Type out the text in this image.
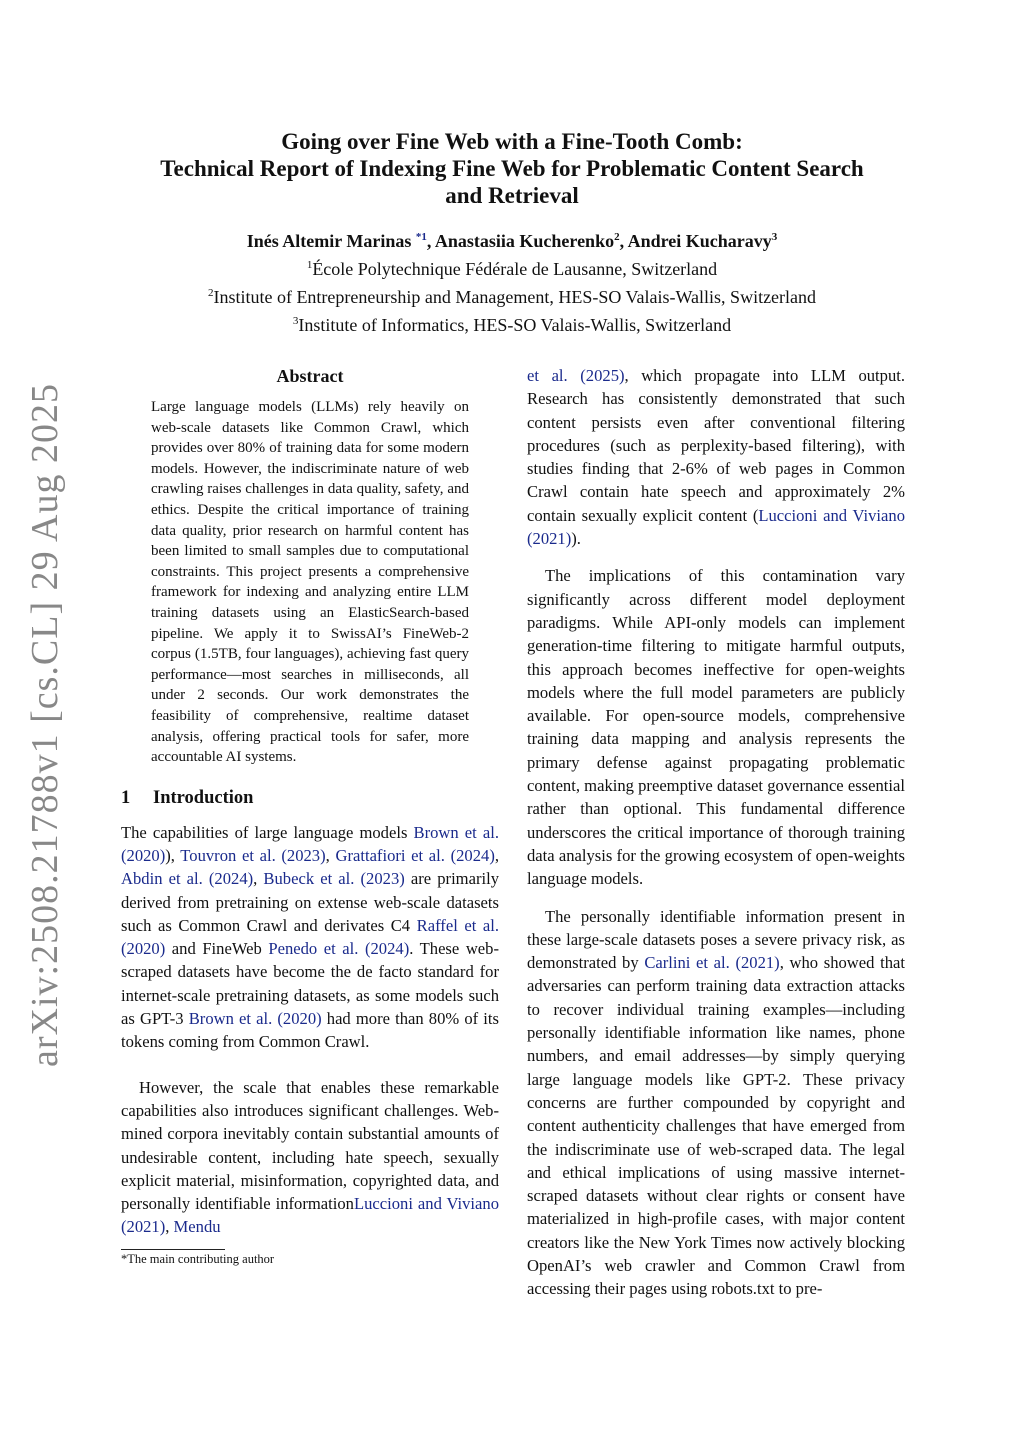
arXiv:2508.21788v1 [cs.CL] 29 Aug 2025
Going over Fine Web with a Fine-Tooth Comb:
Technical Report of Indexing Fine Web for Problematic Content Search
and Retrieval
Inés Altemir Marinas $^{*1}$, Anastasiia Kucherenko$^2$, Andrei Kucharavy$^3$
$^1$École Polytechnique Fédérale de Lausanne, Switzerland
$^2$Institute of Entrepreneurship and Management, HES-SO Valais-Wallis, Switzerland
$^3$Institute of Informatics, HES-SO Valais-Wallis, Switzerland
Abstract

Large language models (LLMs) rely heavily on web-scale datasets like Common Crawl, which provides over 80% of training data for some modern models. However, the indiscriminate nature of web crawling raises challenges in data quality, safety, and ethics. Despite the critical importance of training data quality, prior research on harmful content has been limited to small samples due to computational constraints. This project presents a comprehensive framework for indexing and analyzing entire LLM training datasets using an ElasticSearch-based pipeline. We apply it to SwissAI’s FineWeb-2 corpus (1.5TB, four languages), achieving fast query performance—most searches in milliseconds, all under 2 seconds. Our work demonstrates the feasibility of comprehensive, realtime dataset analysis, offering practical tools for safer, more accountable AI systems.

1 Introduction

The capabilities of large language models Brown et al. (2020)), Touvron et al. (2023), Grattafiori et al. (2024), Abdin et al. (2024), Bubeck et al. (2023) are primarily derived from pretraining on extense web-scale datasets such as Common Crawl and derivates C4 Raffel et al. (2020) and FineWeb Penedo et al. (2024). These web-scraped datasets have become the de facto standard for internet-scale pretraining datasets, as some models such as GPT-3 Brown et al. (2020) had more than 80% of its tokens coming from Common Crawl.

However, the scale that enables these remarkable capabilities also introduces significant challenges. Web-mined corpora inevitably contain substantial amounts of undesirable content, including hate speech, sexually explicit material, misinformation, copyrighted data, and personally identifiable informationLuccioni and Viviano (2021), Mendu

*The main contributing author

et al. (2025), which propagate into LLM output. Research has consistently demonstrated that such content persists even after conventional filtering procedures (such as perplexity-based filtering), with studies finding that 2-6% of web pages in Common Crawl contain hate speech and approximately 2% contain sexually explicit content (Luccioni and Viviano (2021)).

The implications of this contamination vary significantly across different model deployment paradigms. While API-only models can implement generation-time filtering to mitigate harmful outputs, this approach becomes ineffective for open-weights models where the full model parameters are publicly available. For open-source models, comprehensive training data mapping and analysis represents the primary defense against propagating problematic content, making preemptive dataset governance essential rather than optional. This fundamental difference underscores the critical importance of thorough training data analysis for the growing ecosystem of open-weights language models.

The personally identifiable information present in these large-scale datasets poses a severe privacy risk, as demonstrated by Carlini et al. (2021), who showed that adversaries can perform training data extraction attacks to recover individual training examples—including personally identifiable information like names, phone numbers, and email addresses—by simply querying large language models like GPT-2. These privacy concerns are further compounded by copyright and content authenticity challenges that have emerged from the indiscriminate use of web-scraped data. The legal and ethical implications of using massive internet-scraped datasets without clear rights or consent have materialized in high-profile cases, with major content creators like the New York Times now actively blocking OpenAI’s web crawler and Common Crawl from accessing their pages using robots.txt to pre-
